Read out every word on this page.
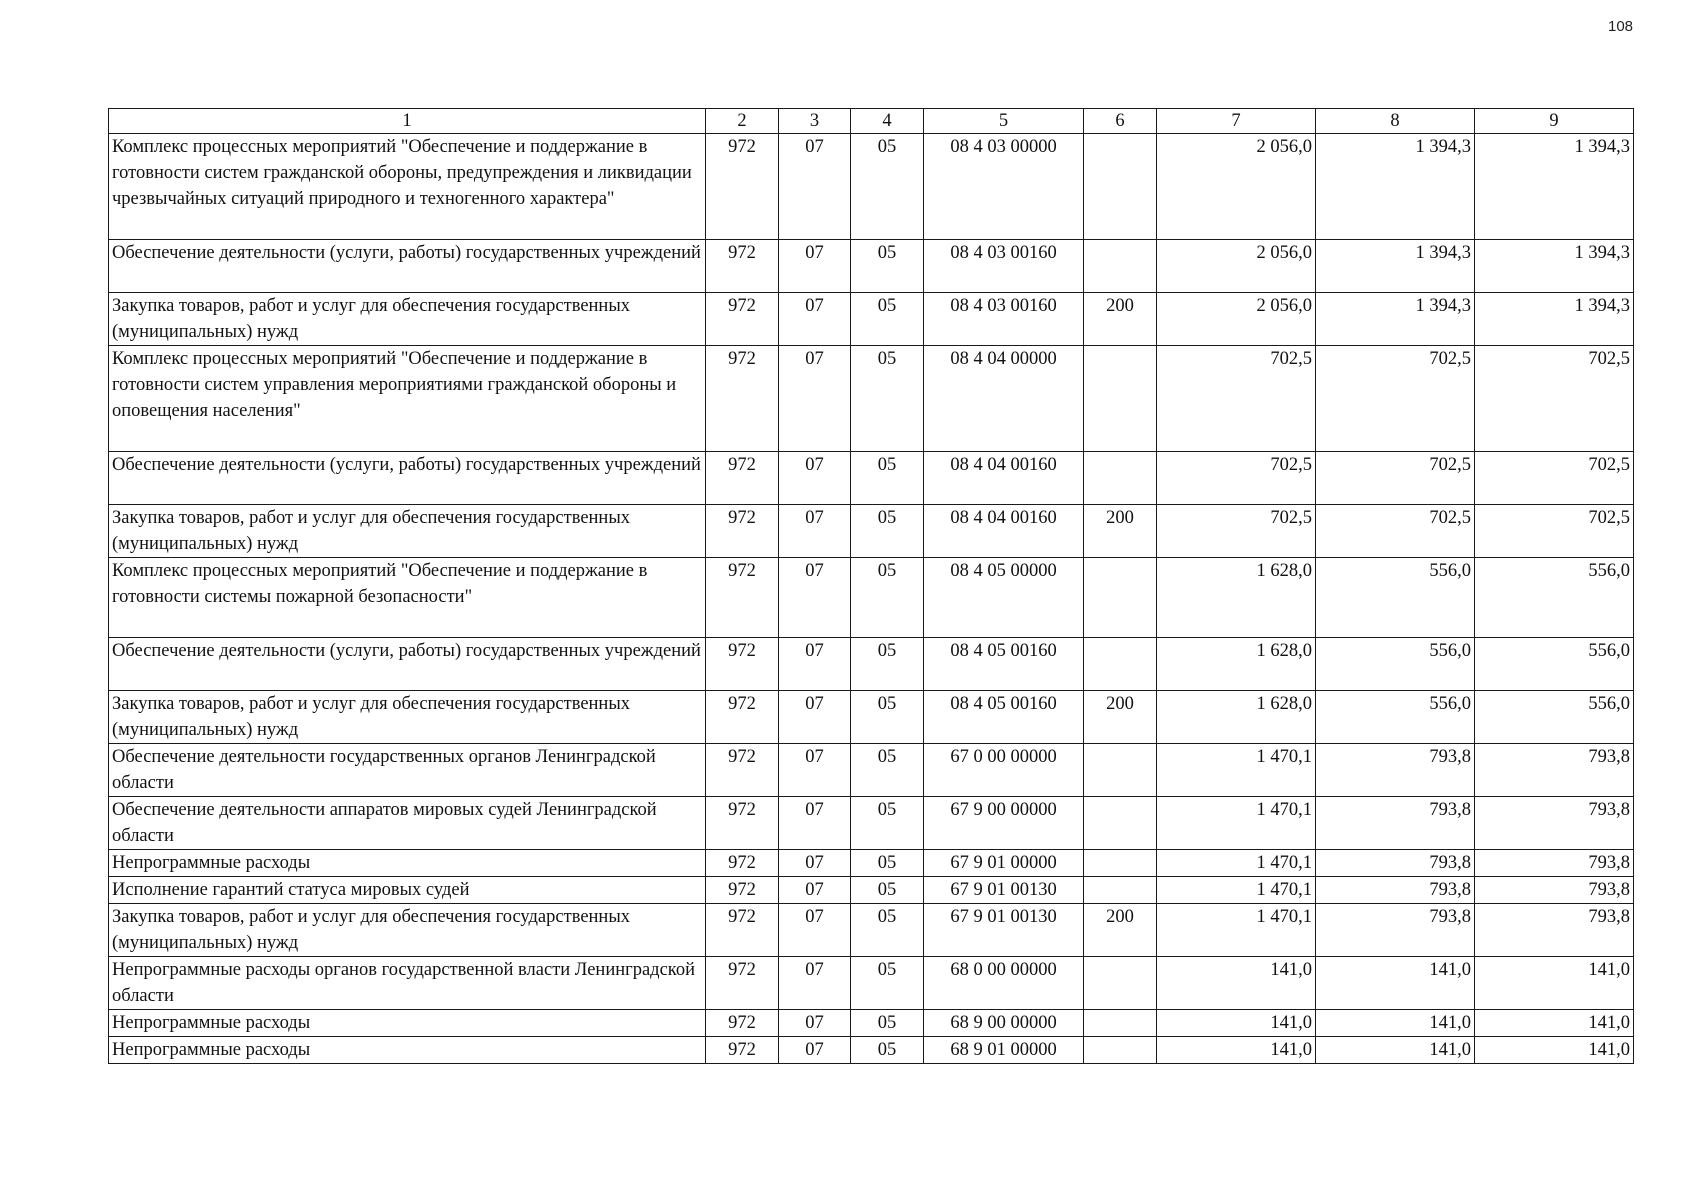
108
1	2	3	4	5	6	7	8	9
Комплекс процессных мероприятий "Обеспечение и поддержание в готовности систем гражданской обороны, предупреждения и ликвидации чрезвычайных ситуаций природного и техногенного характера"	972	07	05	08 4 03 00000		2 056,0	1 394,3	1 394,3
Обеспечение деятельности (услуги, работы) государственных учреждений	972	07	05	08 4 03 00160		2 056,0	1 394,3	1 394,3
Закупка товаров, работ и услуг для обеспечения государственных (муниципальных) нужд	972	07	05	08 4 03 00160	200	2 056,0	1 394,3	1 394,3
Комплекс процессных мероприятий "Обеспечение и поддержание в готовности систем управления мероприятиями гражданской обороны и оповещения населения"	972	07	05	08 4 04 00000		702,5	702,5	702,5
Обеспечение деятельности (услуги, работы) государственных учреждений	972	07	05	08 4 04 00160		702,5	702,5	702,5
Закупка товаров, работ и услуг для обеспечения государственных (муниципальных) нужд	972	07	05	08 4 04 00160	200	702,5	702,5	702,5
Комплекс процессных мероприятий "Обеспечение и поддержание в готовности системы пожарной безопасности"	972	07	05	08 4 05 00000		1 628,0	556,0	556,0
Обеспечение деятельности (услуги, работы) государственных учреждений	972	07	05	08 4 05 00160		1 628,0	556,0	556,0
Закупка товаров, работ и услуг для обеспечения государственных (муниципальных) нужд	972	07	05	08 4 05 00160	200	1 628,0	556,0	556,0
Обеспечение деятельности государственных органов Ленинградской области	972	07	05	67 0 00 00000		1 470,1	793,8	793,8
Обеспечение деятельности аппаратов мировых судей Ленинградской области	972	07	05	67 9 00 00000		1 470,1	793,8	793,8
Непрограммные расходы	972	07	05	67 9 01 00000		1 470,1	793,8	793,8
Исполнение гарантий статуса мировых судей	972	07	05	67 9 01 00130		1 470,1	793,8	793,8
Закупка товаров, работ и услуг для обеспечения государственных (муниципальных) нужд	972	07	05	67 9 01 00130	200	1 470,1	793,8	793,8
Непрограммные расходы органов государственной власти Ленинградской области	972	07	05	68 0 00 00000		141,0	141,0	141,0
Непрограммные расходы	972	07	05	68 9 00 00000		141,0	141,0	141,0
Непрограммные расходы	972	07	05	68 9 01 00000		141,0	141,0	141,0
